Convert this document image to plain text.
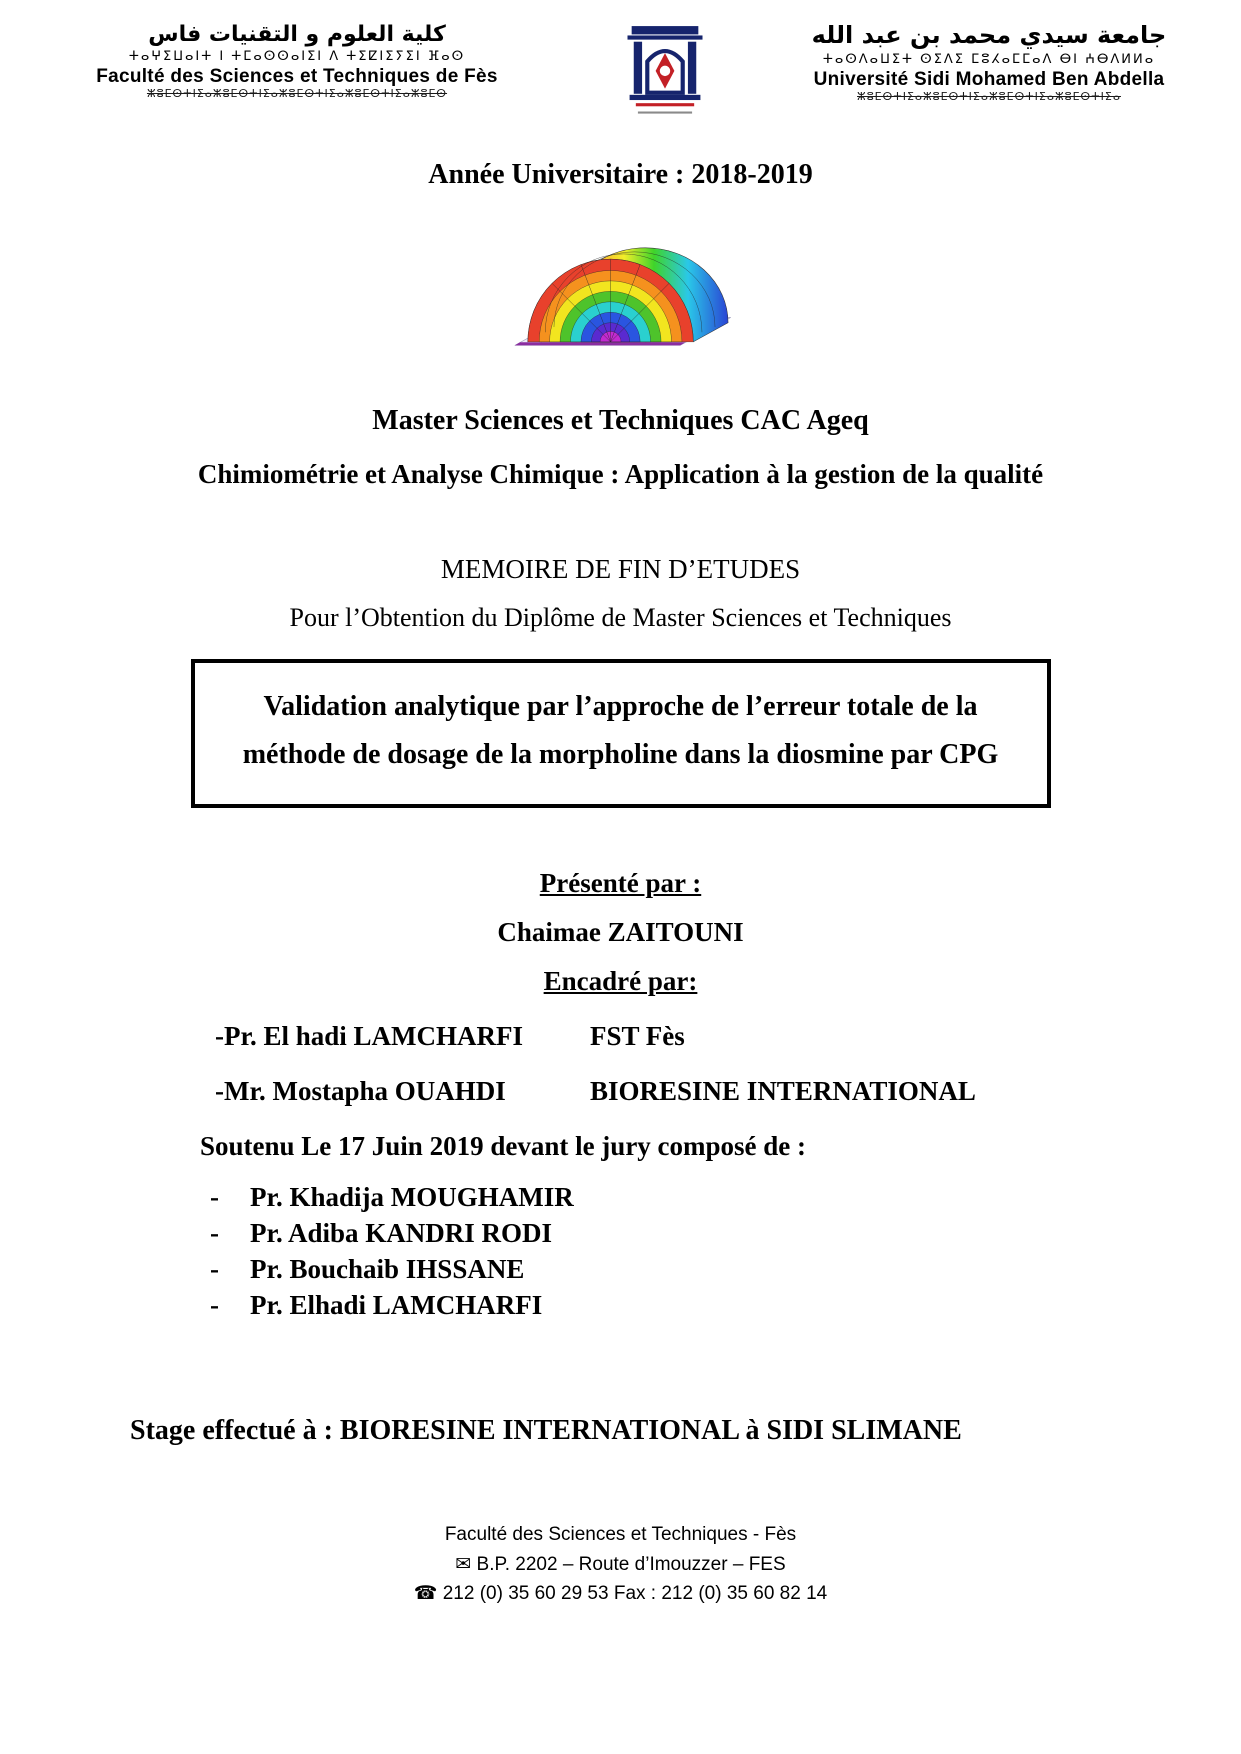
كلية العلوم و التقنيات فاس
ⵜⴰⵖⵉⵡⴰⵏⵜ ⵏ ⵜⵎⴰⵙⵙⴰⵏⵉⵏ ⴷ ⵜⵉⵇⵏⵉⵢⵉⵏ ⴼⴰⵙ
Faculté des Sciences et Techniques de Fès
ⵣⵓⵎⵙⵜⵏⵉⴰⵣⵓⵎⵙⵜⵏⵉⴰⵣⵓⵎⵙⵜⵏⵉⴰⵣⵓⵎⵙⵜⵏⵉⴰⵣⵓⵎⵙ
جامعة سيدي محمد بن عبد الله
ⵜⴰⵙⴷⴰⵡⵉⵜ ⵙⵉⴷⵉ ⵎⵓⵃⴰⵎⵎⴰⴷ ⴱⵏ ⵄⴱⴷⵍⵍⴰ
Université Sidi Mohamed Ben Abdella
ⵣⵓⵎⵙⵜⵏⵉⴰⵣⵓⵎⵙⵜⵏⵉⴰⵣⵓⵎⵙⵜⵏⵉⴰⵣⵓⵎⵙⵜⵏⵉⴰ
Année Universitaire : 2018-2019
Master Sciences et Techniques CAC Ageq
Chimiométrie et Analyse Chimique : Application à la gestion de la qualité
MEMOIRE DE FIN D’ETUDES
Pour l’Obtention du Diplôme de Master Sciences et Techniques
Validation analytique par l’approche de l’erreur totale de la méthode de dosage de la morpholine dans la diosmine par CPG
Présenté par :
Chaimae ZAITOUNI
Encadré par:
-Pr. El hadi LAMCHARFI	FST Fès
-Mr. Mostapha OUAHDI	BIORESINE INTERNATIONAL
Soutenu Le 17 Juin 2019 devant le jury composé de :
-	Pr. Khadija MOUGHAMIR
-	Pr. Adiba KANDRI RODI
-	Pr. Bouchaib IHSSANE
-	Pr. Elhadi LAMCHARFI
Stage effectué à : BIORESINE INTERNATIONAL à SIDI SLIMANE
Faculté des Sciences et Techniques - Fès
✉ B.P. 2202 – Route d’Imouzzer – FES
☎ 212 (0) 35 60 29 53 Fax : 212 (0) 35 60 82 14
